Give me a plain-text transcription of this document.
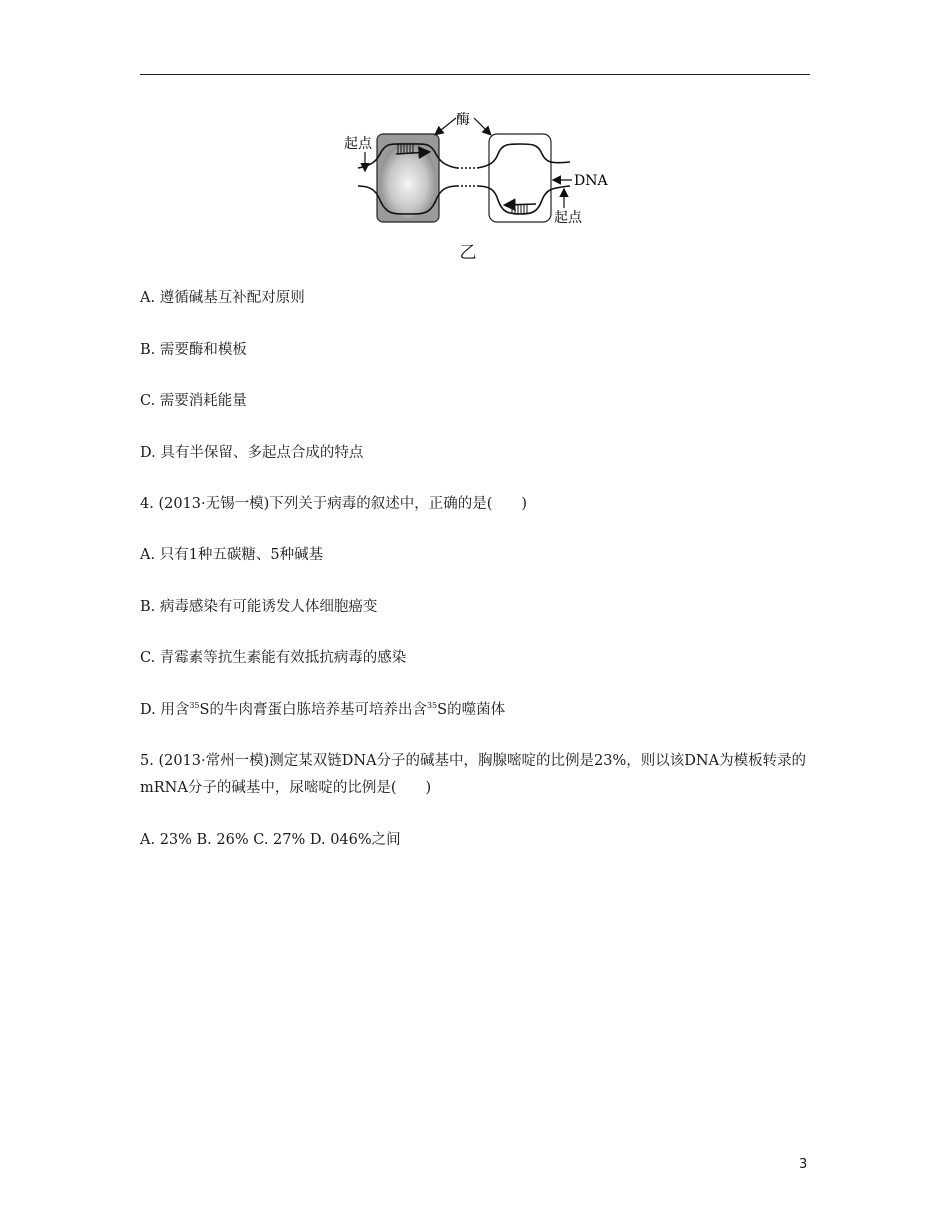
酶
起点
DNA
起点
乙
A. 遵循碱基互补配对原则
B. 需要酶和模板
C. 需要消耗能量
D. 具有半保留、多起点合成的特点
4. (2013·无锡一模)下列关于病毒的叙述中，正确的是(　　)
A. 只有1种五碳糖、5种碱基
B. 病毒感染有可能诱发人体细胞癌变
C. 青霉素等抗生素能有效抵抗病毒的感染
D. 用含$^{35}$S的牛肉膏蛋白胨培养基可培养出含$^{35}$S的噬菌体
5. (2013·常州一模)测定某双链DNA分子的碱基中，胸腺嘧啶的比例是23%，则以该DNA为模板转录的mRNA分子的碱基中，尿嘧啶的比例是(　　)
A. 23% B. 26% C. 27% D. 046%之间
3
